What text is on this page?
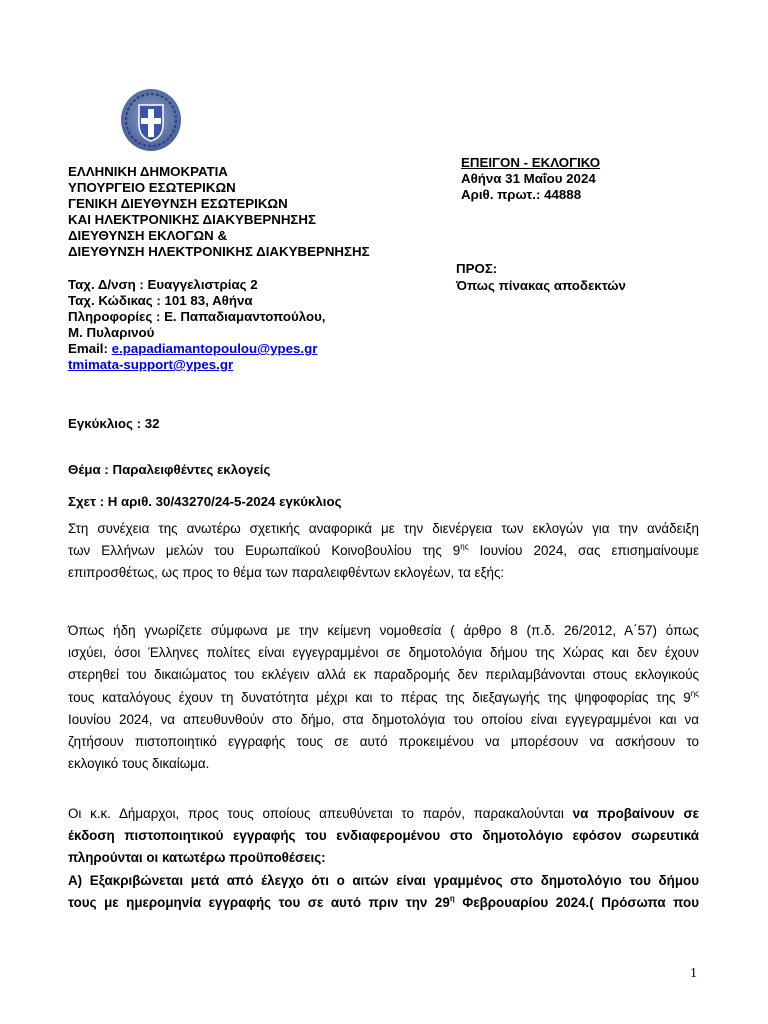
ΕΛΛΗΝΙΚΗ ΔΗΜΟΚΡΑΤΙΑ
ΥΠΟΥΡΓΕΙΟ ΕΣΩΤΕΡΙΚΩΝ
ΓΕΝΙΚΗ ΔΙΕΥΘΥΝΣΗ ΕΣΩΤΕΡΙΚΩΝ
ΚΑΙ ΗΛΕΚΤΡΟΝΙΚΗΣ ΔΙΑΚΥΒΕΡΝΗΣΗΣ
ΔΙΕΥΘΥΝΣΗ ΕΚΛΟΓΩΝ &
ΔΙΕΥΘΥΝΣΗ ΗΛΕΚΤΡΟΝΙΚΗΣ ΔΙΑΚΥΒΕΡΝΗΣΗΣ
ΕΠΕΙΓΟΝ - ΕΚΛΟΓΙΚΟ
Αθήνα 31 Μαΐου 2024
Αριθ. πρωτ.: 44888
ΠΡΟΣ:
Όπως πίνακας αποδεκτών
Ταχ. Δ/νση : Ευαγγελιστρίας 2
Ταχ. Κώδικας : 101 83, Αθήνα
Πληροφορίες : Ε. Παπαδιαμαντοπούλου,
Μ. Πυλαρινού
Email: e.papadiamantopoulou@ypes.gr
tmimata-support@ypes.gr
Εγκύκλιος : 32
Θέμα : Παραλειφθέντες εκλογείς
Σχετ : Η αριθ. 30/43270/24-5-2024 εγκύκλιος
Στη συνέχεια της ανωτέρω σχετικής αναφορικά με την διενέργεια των εκλογών για την ανάδειξη
των Ελλήνων μελών του Ευρωπαϊκού Κοινοβουλίου της $9^{\eta\varsigma}$ Ιουνίου 2024, σας επισημαίνουμε
επιπροσθέτως, ως προς το θέμα των παραλειφθέντων εκλογέων, τα εξής:
Όπως ήδη γνωρίζετε σύμφωνα με την κείμενη νομοθεσία ( άρθρο 8 (π.δ. 26/2012, Α΄57) όπως
ισχύει, όσοι Έλληνες πολίτες είναι εγγεγραμμένοι σε δημοτολόγια δήμου της Χώρας και δεν έχουν
στερηθεί του δικαιώματος του εκλέγειν αλλά εκ παραδρομής δεν περιλαμβάνονται στους εκλογικούς
τους καταλόγους έχουν τη δυνατότητα μέχρι και το πέρας της διεξαγωγής της ψηφοφορίας της $9^{\eta\varsigma}$
Ιουνίου 2024, να απευθυνθούν στο δήμο, στα δημοτολόγια του οποίου είναι εγγεγραμμένοι και να
ζητήσουν πιστοποιητικό εγγραφής τους σε αυτό προκειμένου να μπορέσουν να ασκήσουν το
εκλογικό τους δικαίωμα.
Οι κ.κ. Δήμαρχοι, προς τους οποίους απευθύνεται το παρόν, παρακαλούνται να προβαίνουν σε
έκδοση πιστοποιητικού εγγραφής του ενδιαφερομένου στο δημοτολόγιο εφόσον σωρευτικά
πληρούνται οι κατωτέρω προϋποθέσεις:
Α) Εξακριβώνεται μετά από έλεγχο ότι ο αιτών είναι γραμμένος στο δημοτολόγιο του δήμου
τους με ημερομηνία εγγραφής του σε αυτό πριν την $29^\eta$ Φεβρουαρίου 2024.( Πρόσωπα που
1
